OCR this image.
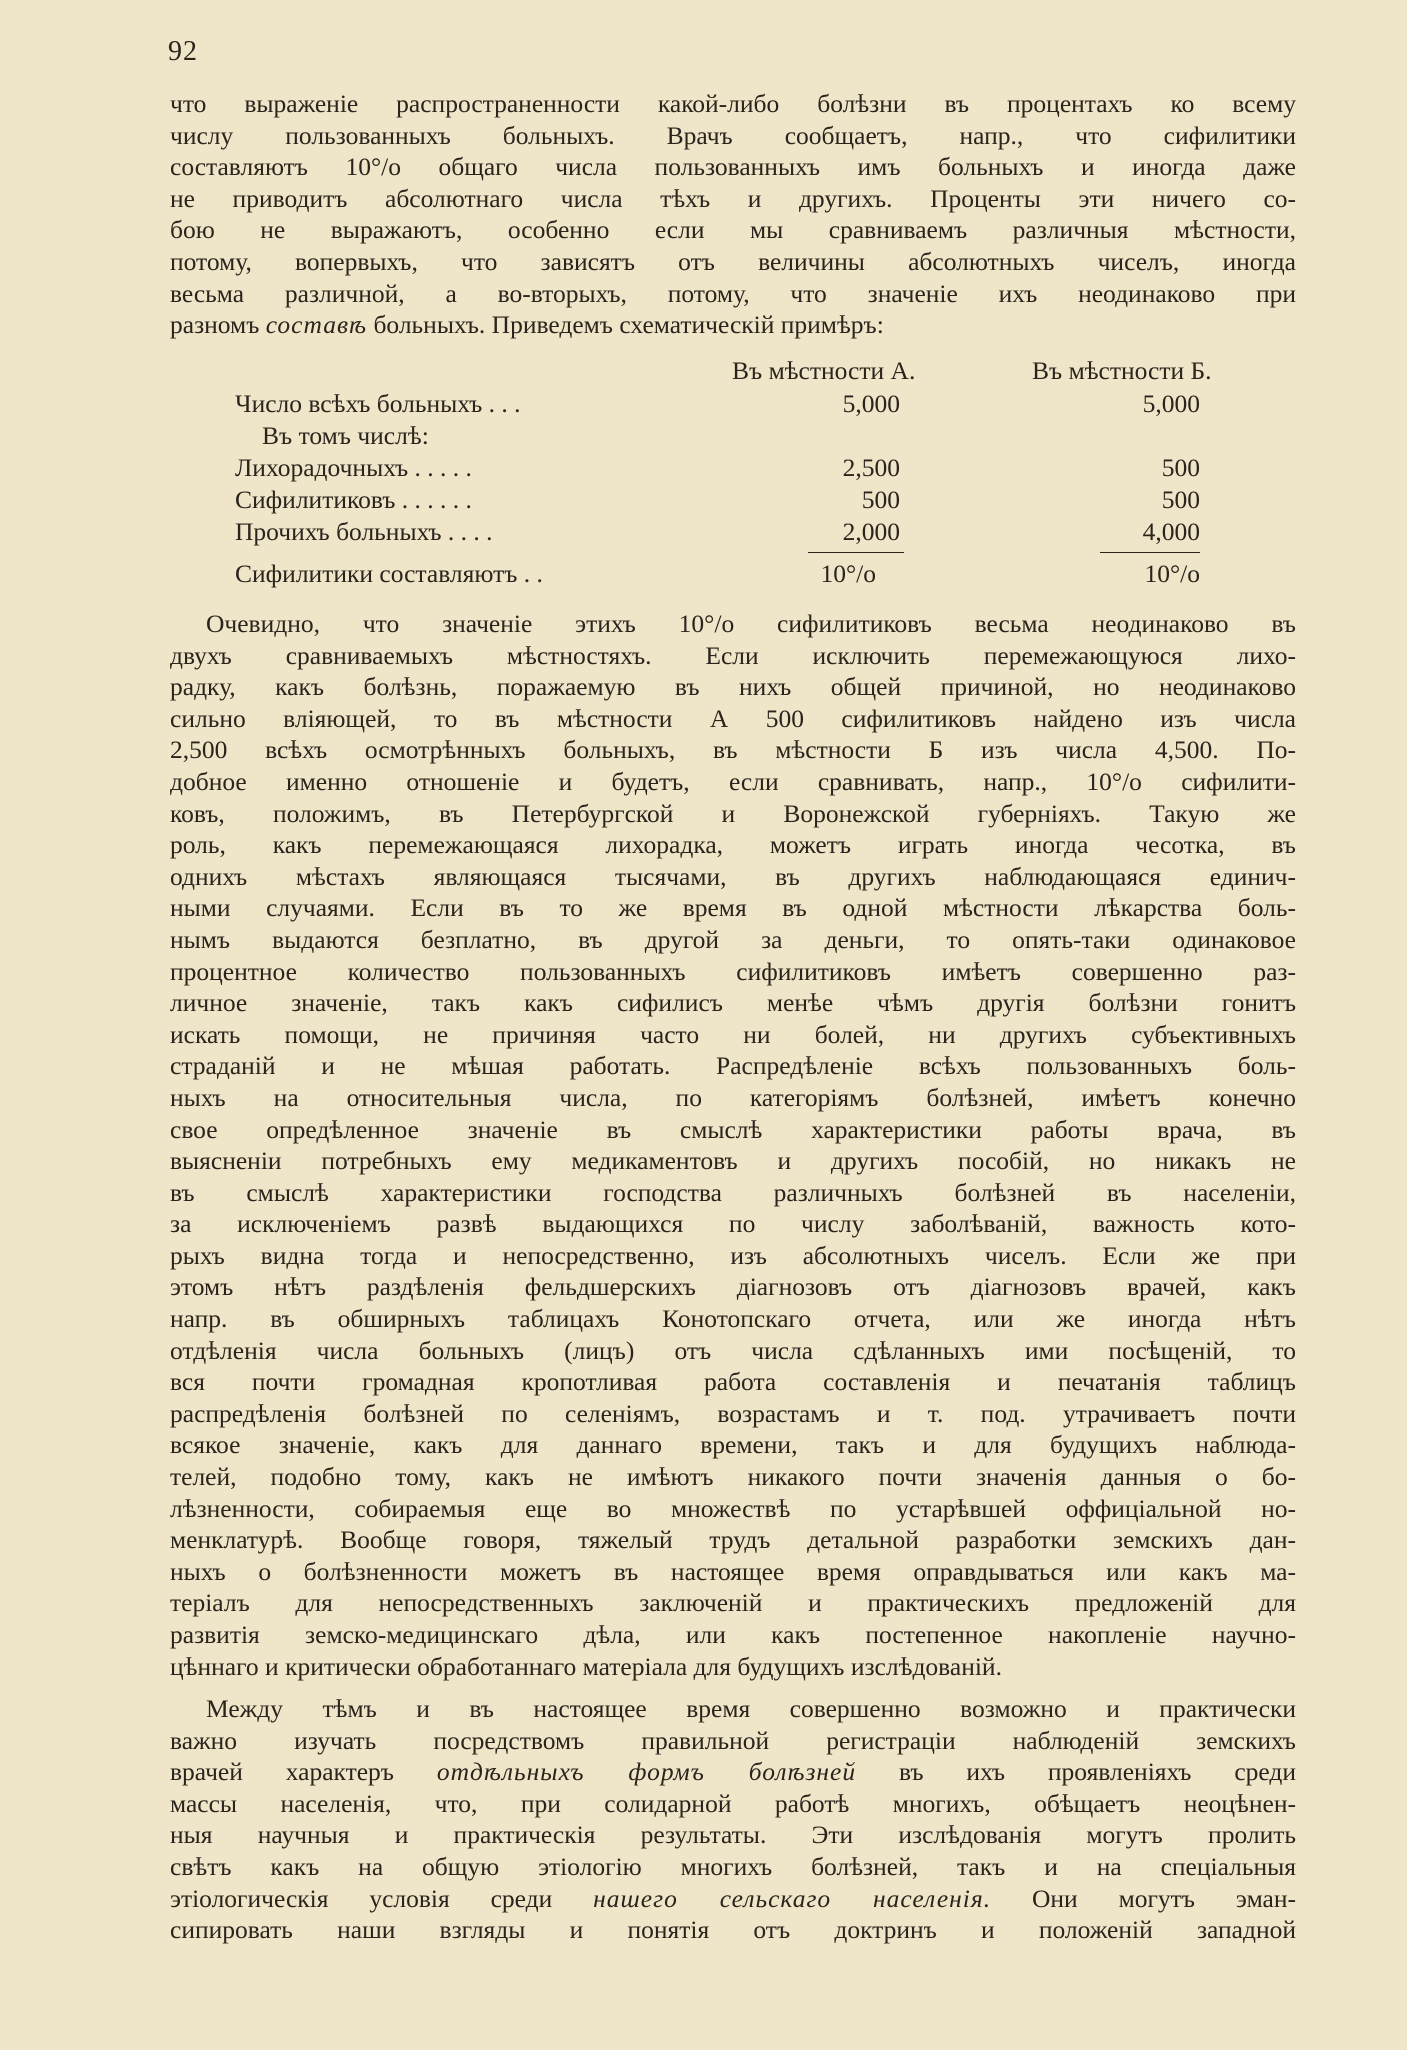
92
что выраженіе распространенности какой-либо болѣзни въ процентахъ ко всему
числу пользованныхъ больныхъ. Врачъ сообщаетъ, напр., что сифилитики
составляютъ 10°/о общаго числа пользованныхъ имъ больныхъ и иногда даже
не приводитъ абсолютнаго числа тѣхъ и другихъ. Проценты эти ничего со-
бою не выражаютъ, особенно если мы сравниваемъ различныя мѣстности,
потому, вопервыхъ, что зависятъ отъ величины абсолютныхъ чиселъ, иногда
весьма различной, а во-вторыхъ, потому, что значеніе ихъ неодинаково при
разномъ составѣ больныхъ. Приведемъ схематическій примѣръ:
Въ мѣстности А.	Въ мѣстности Б.
Число всѣхъ больныхъ . . .	5,000	5,000
Въ томъ числѣ:
Лихорадочныхъ . . . . .	2,500	500
Сифилитиковъ . . . . . .	500	500
Прочихъ больныхъ . . . .	2,000	4,000
Сифилитики составляютъ . .	10°/о	10°/о
Очевидно, что значеніе этихъ 10°/о сифилитиковъ весьма неодинаково въ
двухъ сравниваемыхъ мѣстностяхъ. Если исключить перемежающуюся лихо-
радку, какъ болѣзнь, поражаемую въ нихъ общей причиной, но неодинаково
сильно вліяющей, то въ мѣстности А 500 сифилитиковъ найдено изъ числа
2,500 всѣхъ осмотрѣнныхъ больныхъ, въ мѣстности Б изъ числа 4,500. По-
добное именно отношеніе и будетъ, если сравнивать, напр., 10°/о сифилити-
ковъ, положимъ, въ Петербургской и Воронежской губерніяхъ. Такую же
роль, какъ перемежающаяся лихорадка, можетъ играть иногда чесотка, въ
однихъ мѣстахъ являющаяся тысячами, въ другихъ наблюдающаяся единич-
ными случаями. Если въ то же время въ одной мѣстности лѣкарства боль-
нымъ выдаются безплатно, въ другой за деньги, то опять-таки одинаковое
процентное количество пользованныхъ сифилитиковъ имѣетъ совершенно раз-
личное значеніе, такъ какъ сифилисъ менѣе чѣмъ другія болѣзни гонитъ
искать помощи, не причиняя часто ни болей, ни другихъ субъективныхъ
страданій и не мѣшая работать. Распредѣленіе всѣхъ пользованныхъ боль-
ныхъ на относительныя числа, по категоріямъ болѣзней, имѣетъ конечно
свое опредѣленное значеніе въ смыслѣ характеристики работы врача, въ
выясненіи потребныхъ ему медикаментовъ и другихъ пособій, но никакъ не
въ смыслѣ характеристики господства различныхъ болѣзней въ населеніи,
за исключеніемъ развѣ выдающихся по числу заболѣваній, важность кото-
рыхъ видна тогда и непосредственно, изъ абсолютныхъ чиселъ. Если же при
этомъ нѣтъ раздѣленія фельдшерскихъ діагнозовъ отъ діагнозовъ врачей, какъ
напр. въ обширныхъ таблицахъ Конотопскаго отчета, или же иногда нѣтъ
отдѣленія числа больныхъ (лицъ) отъ числа сдѣланныхъ ими посѣщеній, то
вся почти громадная кропотливая работа составленія и печатанія таблицъ
распредѣленія болѣзней по селеніямъ, возрастамъ и т. под. утрачиваетъ почти
всякое значеніе, какъ для даннаго времени, такъ и для будущихъ наблюда-
телей, подобно тому, какъ не имѣютъ никакого почти значенія данныя о бо-
лѣзненности, собираемыя еще во множествѣ по устарѣвшей оффиціальной но-
менклатурѣ. Вообще говоря, тяжелый трудъ детальной разработки земскихъ дан-
ныхъ о болѣзненности можетъ въ настоящее время оправдываться или какъ ма-
теріалъ для непосредственныхъ заключеній и практическихъ предложеній для
развитія земско-медицинскаго дѣла, или какъ постепенное накопленіе научно-
цѣннаго и критически обработаннаго матеріала для будущихъ изслѣдованій.
Между тѣмъ и въ настоящее время совершенно возможно и практически
важно изучать посредствомъ правильной регистраціи наблюденій земскихъ
врачей характеръ отдѣльныхъ формъ болѣзней въ ихъ проявленіяхъ среди
массы населенія, что, при солидарной работѣ многихъ, обѣщаетъ неоцѣнен-
ныя научныя и практическія результаты. Эти изслѣдованія могутъ пролить
свѣтъ какъ на общую этіологію многихъ болѣзней, такъ и на спеціальныя
этіологическія условія среди нашего сельскаго населенія. Они могутъ эман-
сипировать наши взгляды и понятія отъ доктринъ и положеній западной
